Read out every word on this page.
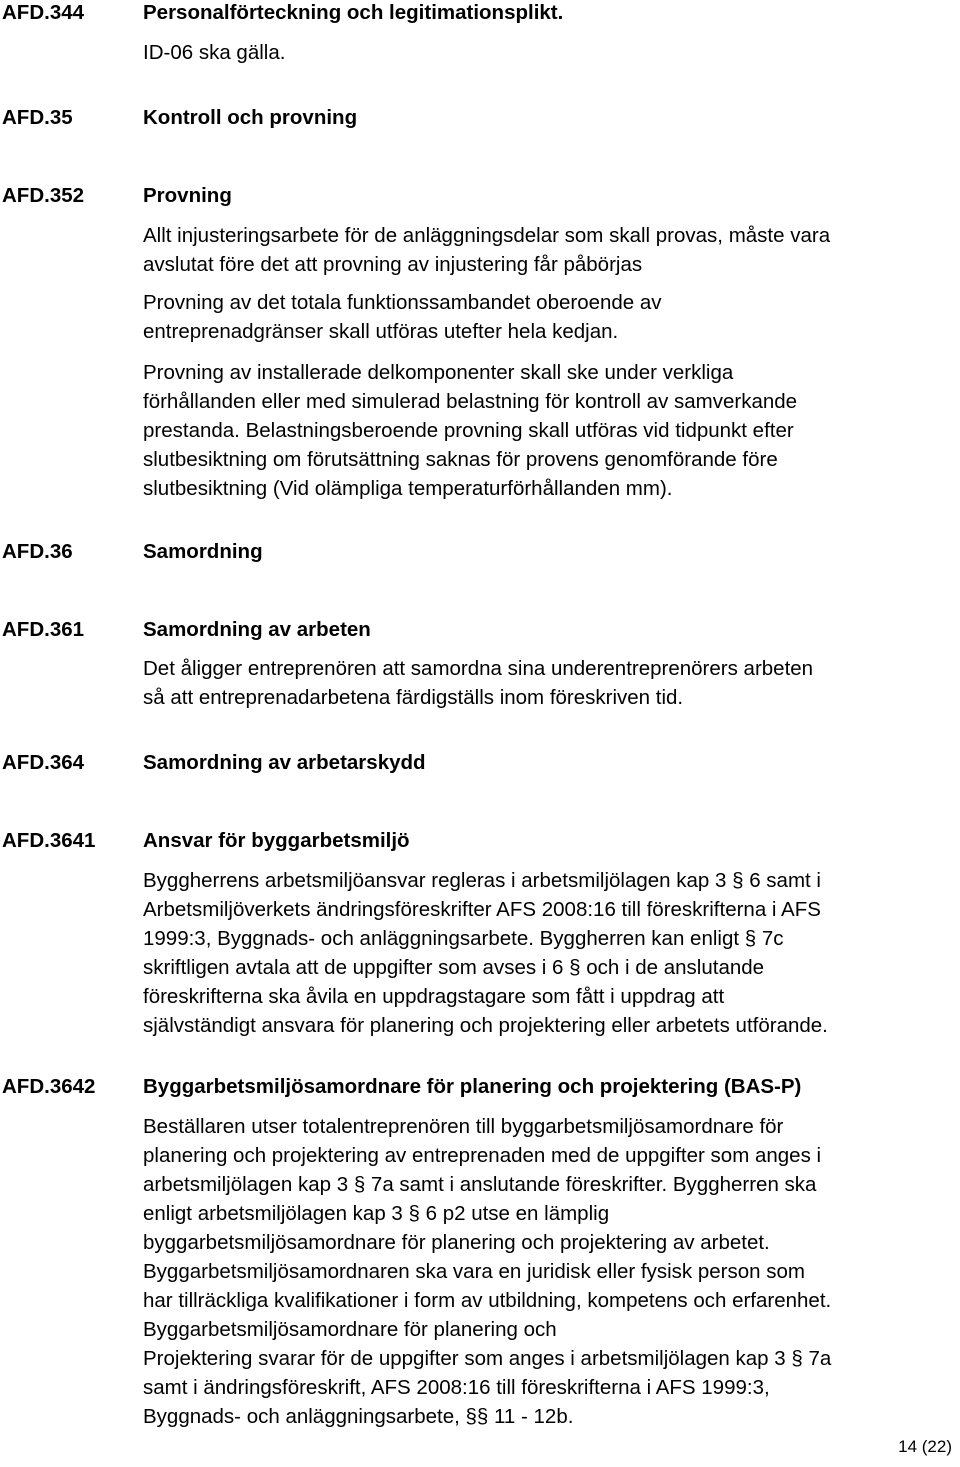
AFD.344
AFD.35
AFD.352
AFD.36
AFD.361
AFD.364
AFD.3641
AFD.3642
Personalförteckning och legitimationsplikt.
Kontroll och provning
Provning
Samordning
Samordning av arbeten
Samordning av arbetarskydd
Ansvar för byggarbetsmiljö
Byggarbetsmiljösamordnare för planering och projektering (BAS-P)
ID-06 ska gälla.
Allt injusteringsarbete för de anläggningsdelar som skall provas, måste vara
avslutat före det att provning av injustering får påbörjas
Provning av det totala funktionssambandet oberoende av
entreprenadgränser skall utföras utefter hela kedjan.
Provning av installerade delkomponenter skall ske under verkliga
förhållanden eller med simulerad belastning för kontroll av samverkande
prestanda. Belastningsberoende provning skall utföras vid tidpunkt efter
slutbesiktning om förutsättning saknas för provens genomförande före
slutbesiktning (Vid olämpliga temperaturförhållanden mm).
Det åligger entreprenören att samordna sina underentreprenörers arbeten
så att entreprenadarbetena färdigställs inom föreskriven tid.
Byggherrens arbetsmiljöansvar regleras i arbetsmiljölagen kap 3 § 6 samt i
Arbetsmiljöverkets ändringsföreskrifter AFS 2008:16 till föreskrifterna i AFS
1999:3, Byggnads- och anläggningsarbete. Byggherren kan enligt § 7c
skriftligen avtala att de uppgifter som avses i 6 § och i de anslutande
föreskrifterna ska åvila en uppdragstagare som fått i uppdrag att
självständigt ansvara för planering och projektering eller arbetets utförande.
Beställaren utser totalentreprenören till byggarbetsmiljösamordnare för
planering och projektering av entreprenaden med de uppgifter som anges i
arbetsmiljölagen kap 3 § 7a samt i anslutande föreskrifter. Byggherren ska
enligt arbetsmiljölagen kap 3 § 6 p2 utse en lämplig
byggarbetsmiljösamordnare för planering och projektering av arbetet.
Byggarbetsmiljösamordnaren ska vara en juridisk eller fysisk person som
har tillräckliga kvalifikationer i form av utbildning, kompetens och erfarenhet.
Byggarbetsmiljösamordnare för planering och
Projektering svarar för de uppgifter som anges i arbetsmiljölagen kap 3 § 7a
samt i ändringsföreskrift, AFS 2008:16 till föreskrifterna i AFS 1999:3,
Byggnads- och anläggningsarbete, §§ 11 - 12b.
14 (22)
